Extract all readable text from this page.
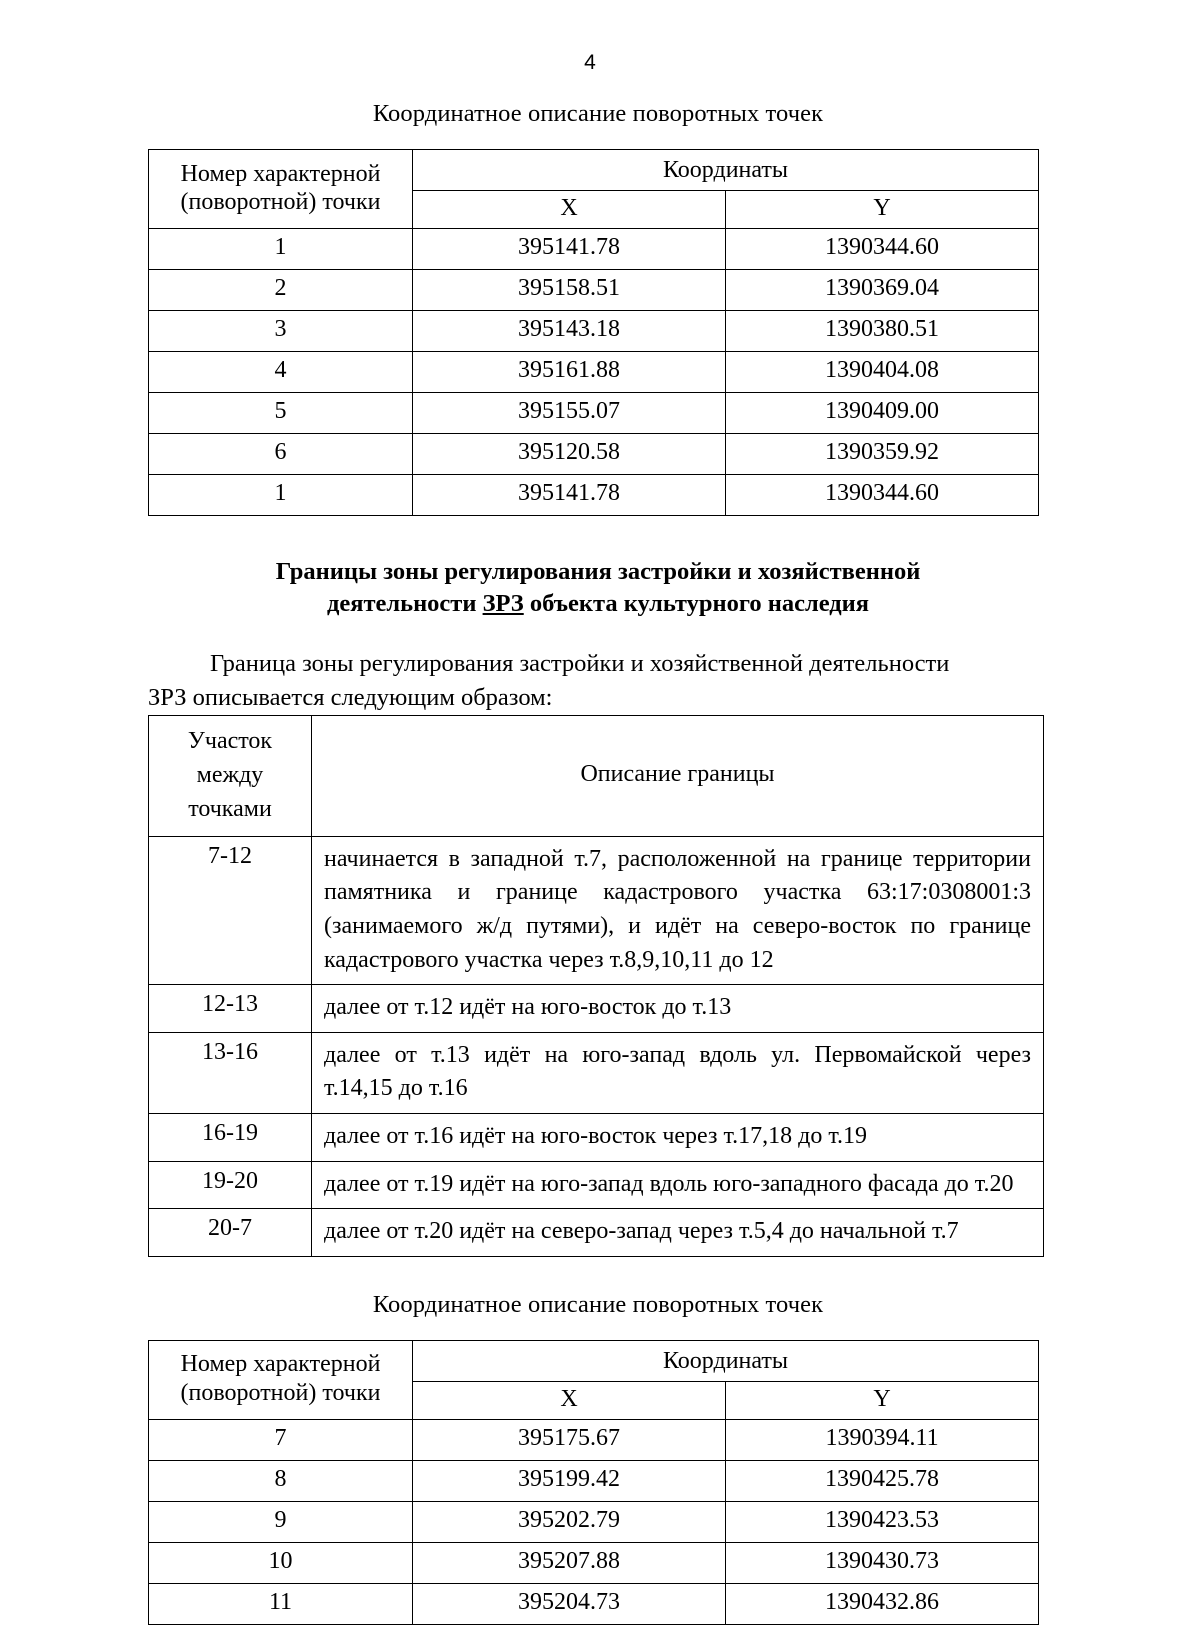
4

Координатное описание поворотных точек

Номер характерной
(поворотной) точки	Координаты	
	X	Y
1	395141.78	1390344.60
2	395158.51	1390369.04
3	395143.18	1390380.51
4	395161.88	1390404.08
5	395155.07	1390409.00
6	395120.58	1390359.92
1	395141.78	1390344.60

Границы зоны регулирования застройки и хозяйственной
деятельности ЗРЗ объекта культурного наследия

Граница зоны регулирования застройки и хозяйственной деятельности

ЗРЗ описывается следующим образом:

Участок
между
точками	Описание границы
7-12	начинается в западной т.7, расположенной на границе территории памятника и границе кадастрового участка 63:17:0308001:3 (занимаемого ж/д путями), и идёт на северо-восток по границе кадастрового участка через т.8,9,10,11 до 12
12-13	далее от т.12 идёт на юго-восток до т.13
13-16	далее от т.13 идёт на юго-запад вдоль ул. Первомайской через т.14,15 до т.16
16-19	далее от т.16 идёт на юго-восток через т.17,18 до т.19
19-20	далее от т.19 идёт на юго-запад вдоль юго-западного фасада до т.20
20-7	далее от т.20 идёт на северо-запад через т.5,4 до начальной т.7

Координатное описание поворотных точек

Номер характерной
(поворотной) точки	Координаты	
	X	Y
7	395175.67	1390394.11
8	395199.42	1390425.78
9	395202.79	1390423.53
10	395207.88	1390430.73
11	395204.73	1390432.86
